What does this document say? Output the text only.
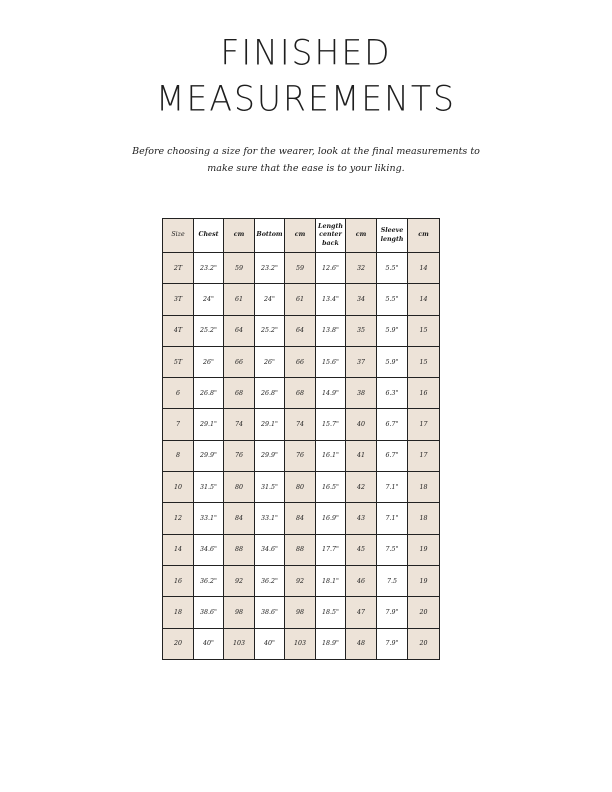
FINISHED
MEASUREMENTS

Before choosing a size for the wearer, look at the final measurements to make sure that the ease is to your liking.

Size	Chest	cm	Bottom	cm	Length center back	cm	Sleeve length	cm
2T	23.2"	59	23.2"	59	12.6"	32	5.5"	14
3T	24"	61	24"	61	13.4"	34	5.5"	14
4T	25.2"	64	25.2"	64	13.8"	35	5.9"	15
5T	26"	66	26"	66	15.6"	37	5.9"	15
6	26.8"	68	26.8"	68	14.9"	38	6.3"	16
7	29.1"	74	29.1"	74	15.7"	40	6.7"	17
8	29.9"	76	29.9"	76	16.1"	41	6.7"	17
10	31.5"	80	31.5"	80	16.5"	42	7.1"	18
12	33.1"	84	33.1"	84	16.9"	43	7.1"	18
14	34.6"	88	34.6"	88	17.7"	45	7.5"	19
16	36.2"	92	36.2"	92	18.1"	46	7.5	19
18	38.6"	98	38.6"	98	18.5"	47	7.9"	20
20	40"	103	40"	103	18.9"	48	7.9"	20
